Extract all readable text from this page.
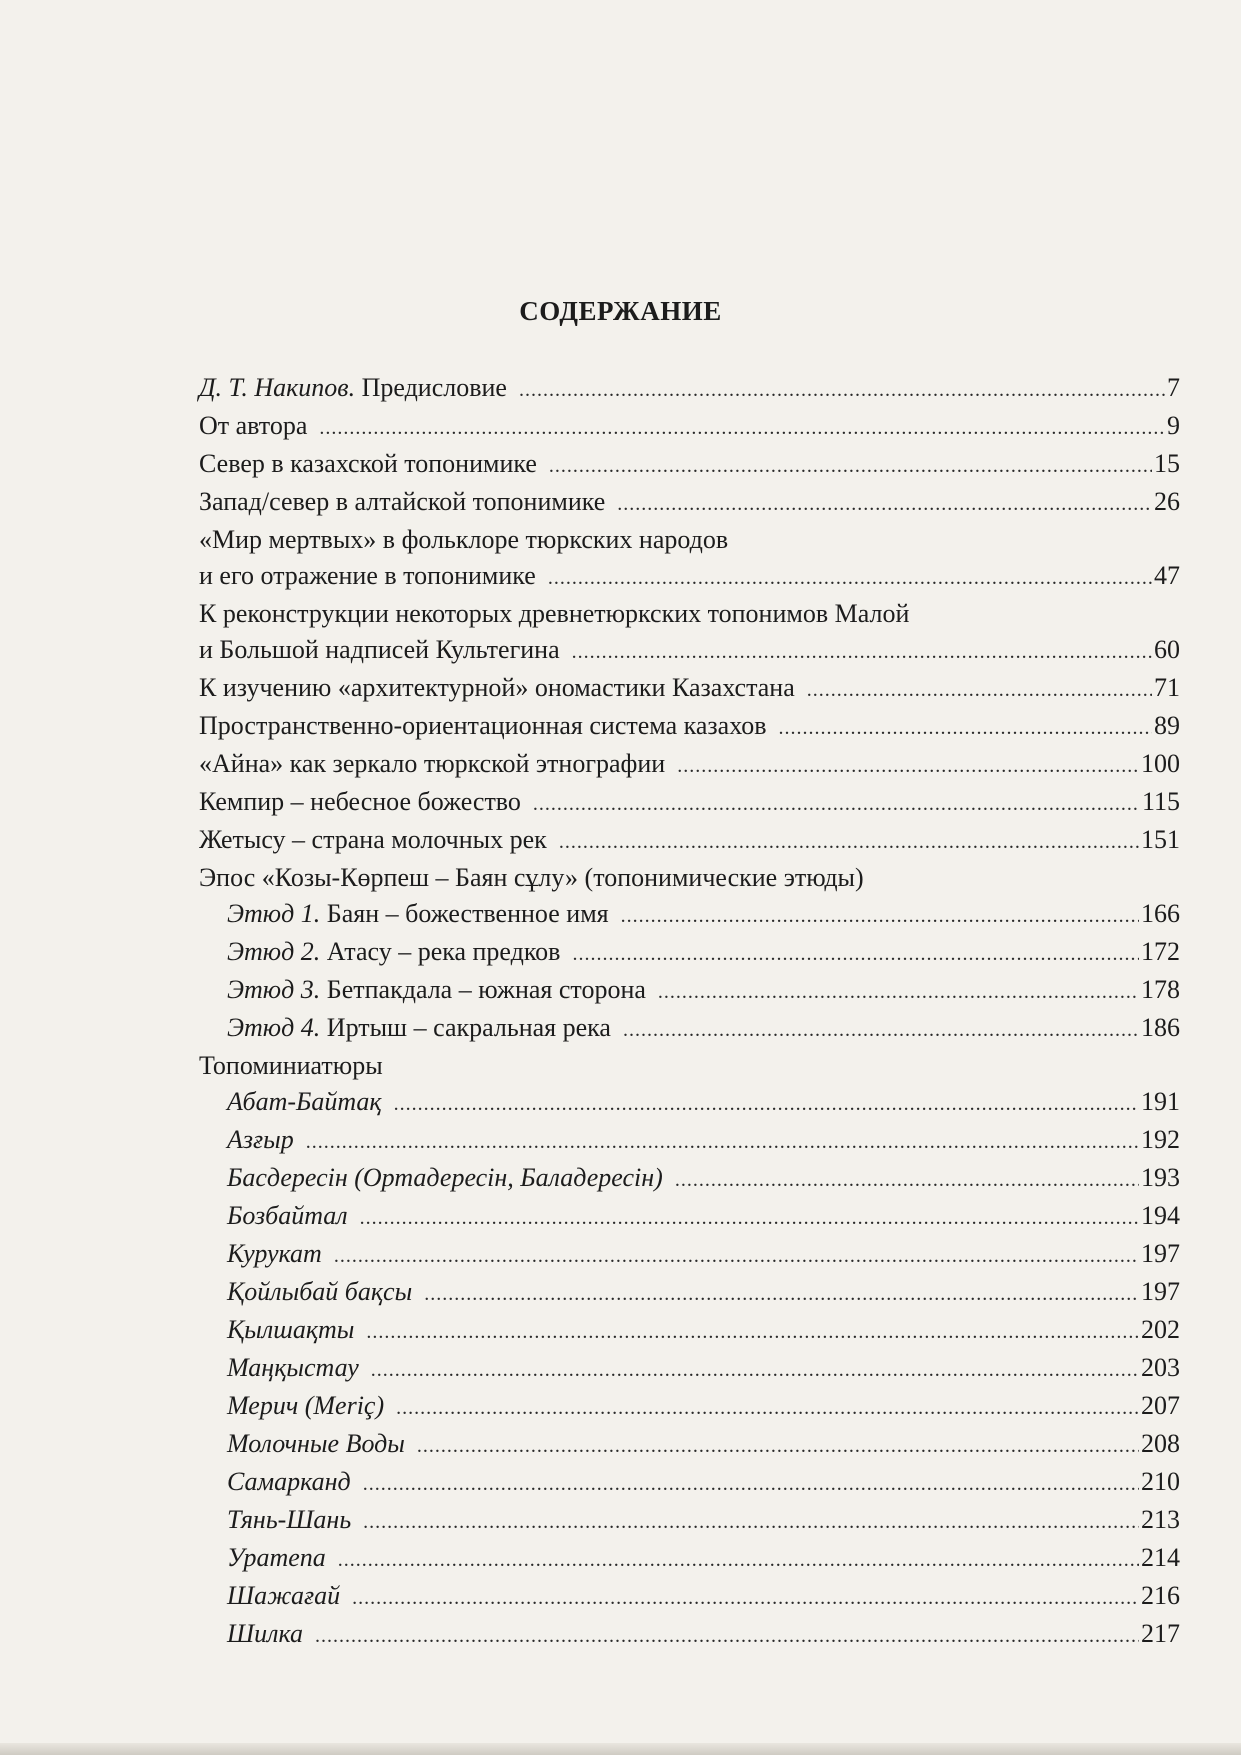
СОДЕРЖАНИЕ
Д. Т. Накипов. Предисловие .....	7
От автора .....	9
Север в казахской топонимике .....	15
Запад/север в алтайской топонимике .....	26
«Мир мертвых» в фольклоре тюркских народов
и его отражение в топонимике .....	47
К реконструкции некоторых древнетюркских топонимов Малой
и Большой надписей Культегина .....	60
К изучению «архитектурной» ономастики Казахстана .....	71
Пространственно-ориентационная система казахов .....	89
«Айна» как зеркало тюркской этнографии .....	100
Кемпир – небесное божество .....	115
Жетысу – страна молочных рек .....	151
Эпос «Козы-Көрпеш – Баян сұлу» (топонимические этюды)
Этюд 1. Баян – божественное имя .....	166
Этюд 2. Атасу – река предков .....	172
Этюд 3. Бетпакдала – южная сторона .....	178
Этюд 4. Иртыш – сакральная река .....	186
Топоминиатюры
Абат-Байтақ .....	191
Азғыр .....	192
Басдересін (Ортадересін, Баладересін) .....	193
Бозбайтал .....	194
Курукат .....	197
Қойлыбай бақсы .....	197
Қылшақты .....	202
Маңқыстау .....	203
Мерич (Meriç) .....	207
Молочные Воды .....	208
Самарканд .....	210
Тянь-Шань .....	213
Уратепа .....	214
Шажағай .....	216
Шилка .....	217
